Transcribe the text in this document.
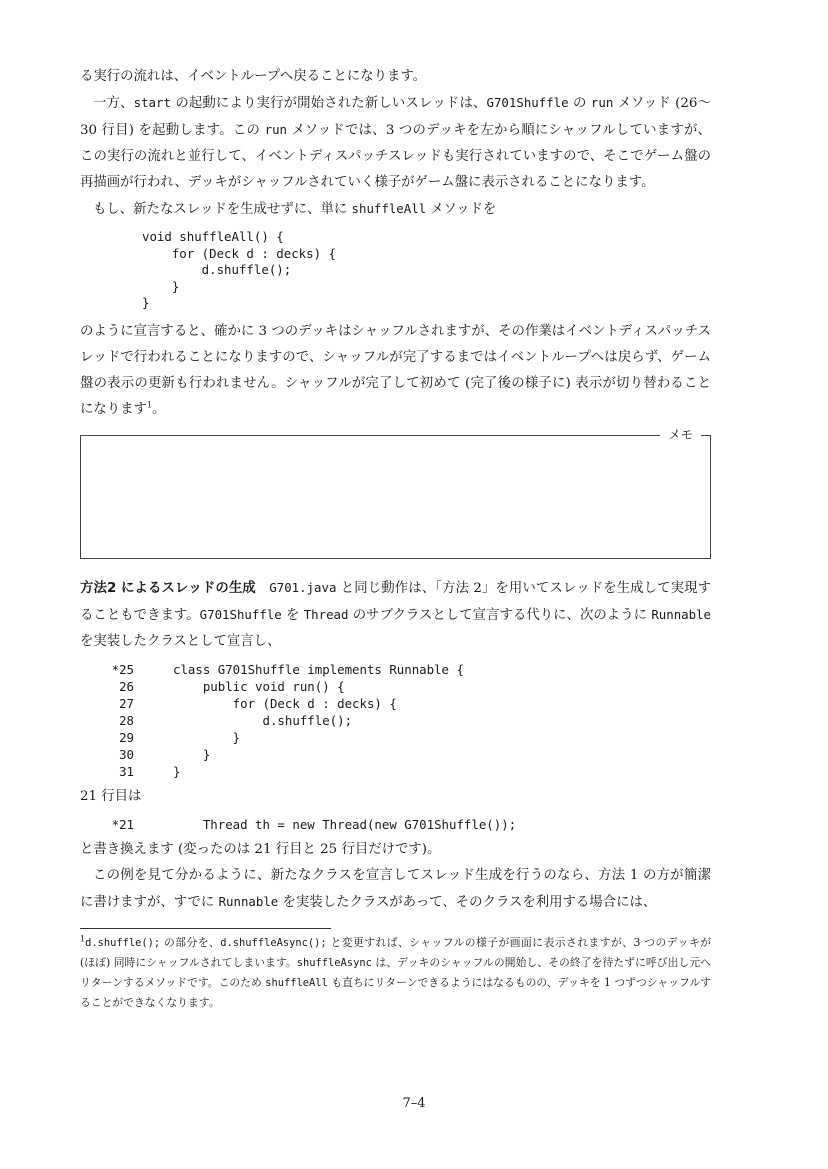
る実行の流れは、イベントループへ戻ることになります。

一方、start の起動により実行が開始された新しいスレッドは、G701Shuffle の run メソッド (26～ 30 行目) を起動します。この run メソッドでは、3 つのデッキを左から順にシャッフルしていますが、この実行の流れと並行して、イベントディスパッチスレッドも実行されていますので、そこでゲーム盤の再描画が行われ、デッキがシャッフルされていく様子がゲーム盤に表示されることになります。

もし、新たなスレッドを生成せずに、単に shuffleAll メソッドを

void shuffleAll() {
for (Deck d : decks) {
d.shuffle();
}
}

のように宣言すると、確かに 3 つのデッキはシャッフルされますが、その作業はイベントディスパッチスレッドで行われることになりますので、シャッフルが完了するまではイベントループへは戻らず、ゲーム盤の表示の更新も行われません。シャッフルが完了して初めて (完了後の様子に) 表示が切り替わることになります$^1$。

メモ

方法2 によるスレッドの生成　 G701.java と同じ動作は、「方法 2」を用いてスレッドを生成して実現することもできます。G701Shuffle を Thread のサブクラスとして宣言する代りに、次のように Runnable を実装したクラスとして宣言し、

*25	class G701Shuffle implements Runnable {
26	public void run() {
27	for (Deck d : decks) {
28	d.shuffle();
29	}
30	}
31	}

21 行目は

*21	Thread th = new Thread(new G701Shuffle());

と書き換えます (変ったのは 21 行目と 25 行目だけです)。

この例を見て分かるように、新たなクラスを宣言してスレッド生成を行うのなら、方法 1 の方が簡潔に書けますが、すでに Runnable を実装したクラスがあって、そのクラスを利用する場合には、

$^1$d.shuffle(); の部分を、d.shuffleAsync(); と変更すれば、シャッフルの様子が画面に表示されますが、3 つのデッキが (ほぼ) 同時にシャッフルされてしまいます。shuffleAsync は、デッキのシャッフルの開始し、その終了を待たずに呼び出し元へリターンするメソッドです。このため shuffleAll も直ちにリターンできるようにはなるものの、デッキを 1 つずつシャッフルすることができなくなります。

7–4
